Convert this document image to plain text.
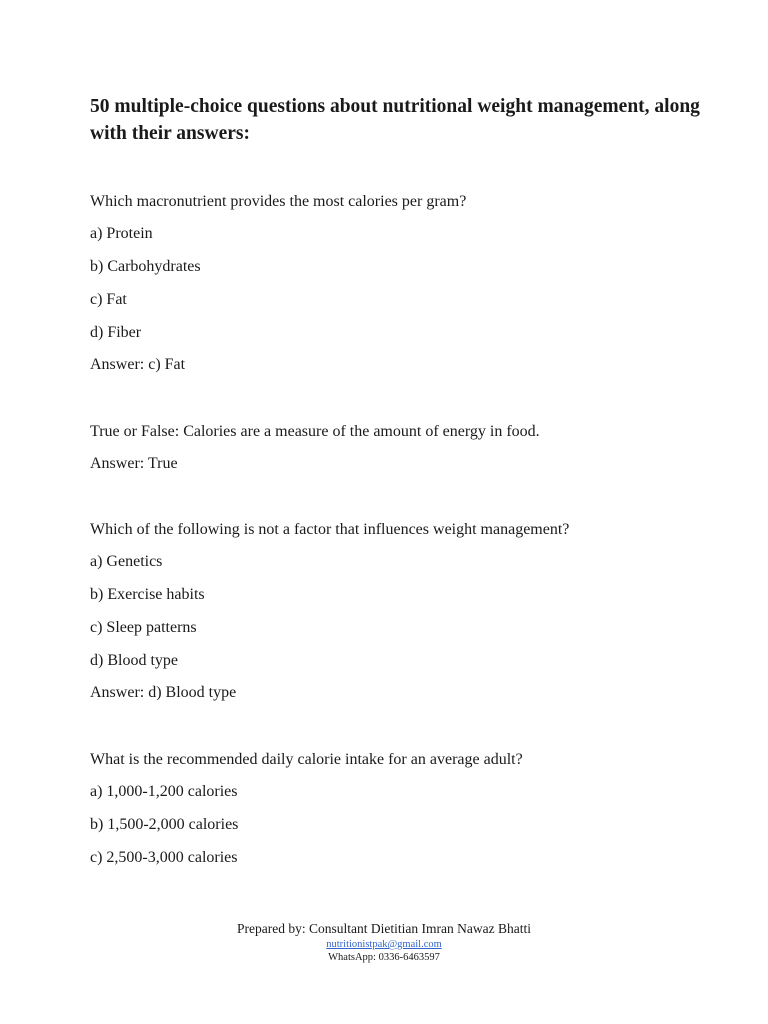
50 multiple-choice questions about nutritional weight management, along with their answers:
Which macronutrient provides the most calories per gram?
a) Protein
b) Carbohydrates
c) Fat
d) Fiber
Answer: c) Fat
True or False: Calories are a measure of the amount of energy in food.
Answer: True
Which of the following is not a factor that influences weight management?
a) Genetics
b) Exercise habits
c) Sleep patterns
d) Blood type
Answer: d) Blood type
What is the recommended daily calorie intake for an average adult?
a) 1,000-1,200 calories
b) 1,500-2,000 calories
c) 2,500-3,000 calories
Prepared by: Consultant Dietitian Imran Nawaz Bhatti
nutritionistpak@gmail.com
WhatsApp: 0336-6463597
